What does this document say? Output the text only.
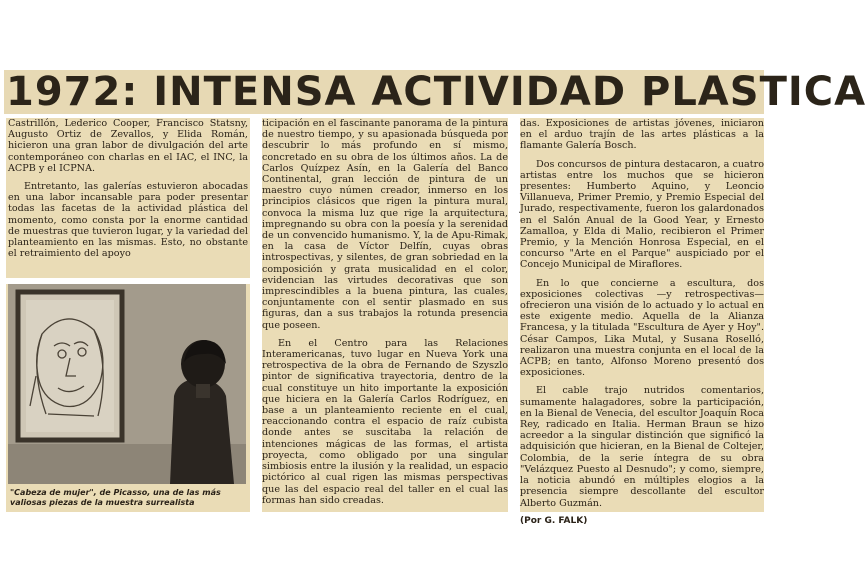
1972: INTENSA ACTIVIDAD PLASTICA

Castrillón, Lederico Cooper, Francisco Statsny, Augusto Ortiz de Zevallos, y Elida Román, hicieron una gran labor de divulgación del arte contemporáneo con charlas en el IAC, el INC, la ACPB y el ICPNA.

Entretanto, las galerías estuvieron abocadas en una labor incansable para poder presentar todas las facetas de la actividad plástica del momento, como consta por la enorme cantidad de muestras que tuvieron lugar, y la variedad del planteamiento en las mismas. Esto, no obstante el retraimiento del apoyo

"Cabeza de mujer", de Picasso, una de las más valiosas piezas de la muestra surrealista

ticipación en el fascinante panorama de la pintura de nuestro tiempo, y su apasionada búsqueda por descubrir lo más profundo en sí mismo, concretado en su obra de los últimos años. La de Carlos Quízpez Asín, en la Galería del Banco Continental, gran lección de pintura de un maestro cuyo númen creador, inmerso en los principios clásicos que rigen la pintura mural, convoca la misma luz que rige la arquitectura, impregnando su obra con la poesía y la serenidad de un convencido humanismo. Y, la de Apu-Rimak, en la casa de Víctor Delfín, cuyas obras introspectivas, y silentes, de gran sobriedad en la composición y grata musicalidad en el color, evidencian las virtudes decorativas que son imprescindibles a la buena pintura, las cuales, conjuntamente con el sentir plasmado en sus figuras, dan a sus trabajos la rotunda presencia que poseen.

En el Centro para las Relaciones Interamericanas, tuvo lugar en Nueva York una retrospectiva de la obra de Fernando de Szyszlo pintor de significativa trayectoria, dentro de la cual constituye un hito importante la exposición que hiciera en la Galería Carlos Rodríguez, en base a un planteamiento reciente en el cual, reaccionando contra el espacio de raíz cubista donde antes se suscitaba la relación de intenciones mágicas de las formas, el artista proyecta, como obligado por una singular simbiosis entre la ilusión y la realidad, un espacio pictórico al cual rigen las mismas perspectivas que las del espacio real del taller en el cual las formas han sido creadas.

das. Exposiciones de artistas jóvenes, iniciaron en el arduo trajín de las artes plásticas a la flamante Galería Bosch.

Dos concursos de pintura destacaron, a cuatro artistas entre los muchos que se hicieron presentes: Humberto Aquino, y Leoncio Villanueva, Primer Premio, y Premio Especial del Jurado, respectivamente, fueron los galardonados en el Salón Anual de la Good Year, y Ernesto Zamalloa, y Elda di Malio, recibieron el Primer Premio, y la Mención Honrosa Especial, en el concurso "Arte en el Parque" auspiciado por el Concejo Municipal de Miraflores.

En lo que concierne a escultura, dos exposiciones colectivas —y retrospectivas— ofrecieron una visión de lo actuado y lo actual en este exigente medio. Aquella de la Alianza Francesa, y la titulada "Escultura de Ayer y Hoy". César Campos, Lika Mutal, y Susana Roselló, realizaron una muestra conjunta en el local de la ACPB; en tanto, Alfonso Moreno presentó dos exposiciones.

El cable trajo nutridos comentarios, sumamente halagadores, sobre la participación, en la Bienal de Venecia, del escultor Joaquín Roca Rey, radicado en Italia. Herman Braun se hizo acreedor a la singular distinción que significó la adquisición que hicieran, en la Bienal de Coltejer, Colombia, de la serie íntegra de su obra "Velázquez Puesto al Desnudo"; y como, siempre, la noticia abundó en múltiples elogios a la presencia siempre descollante del escultor Alberto Guzmán.

(Por G. FALK)
